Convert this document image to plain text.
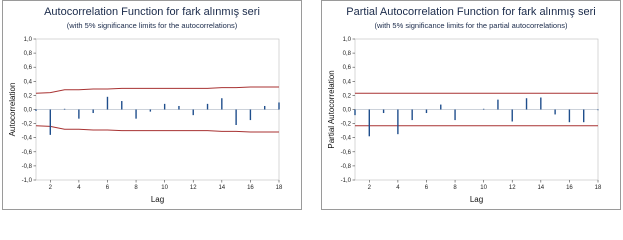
Autocorrelation Function for fark alınmış seri
(with 5% significance limits for the autocorrelations)
1,0
0,8
0,6
0,4
0,2
0,0
-0,2
-0,4
-0,6
-0,8
-1,0
2	4	6	8	10	12	14	16	18
Lag
Autocorrelation
Partial Autocorrelation Function for fark alınmış seri
(with 5% significance limits for the partial autocorrelations)
1,0
0,8
0,6
0,4
0,2
0,0
-0,2
-0,4
-0,6
-0,8
-1,0
2	4	6	8	10	12	14	16	18
Lag
Partial Autocorrelation
